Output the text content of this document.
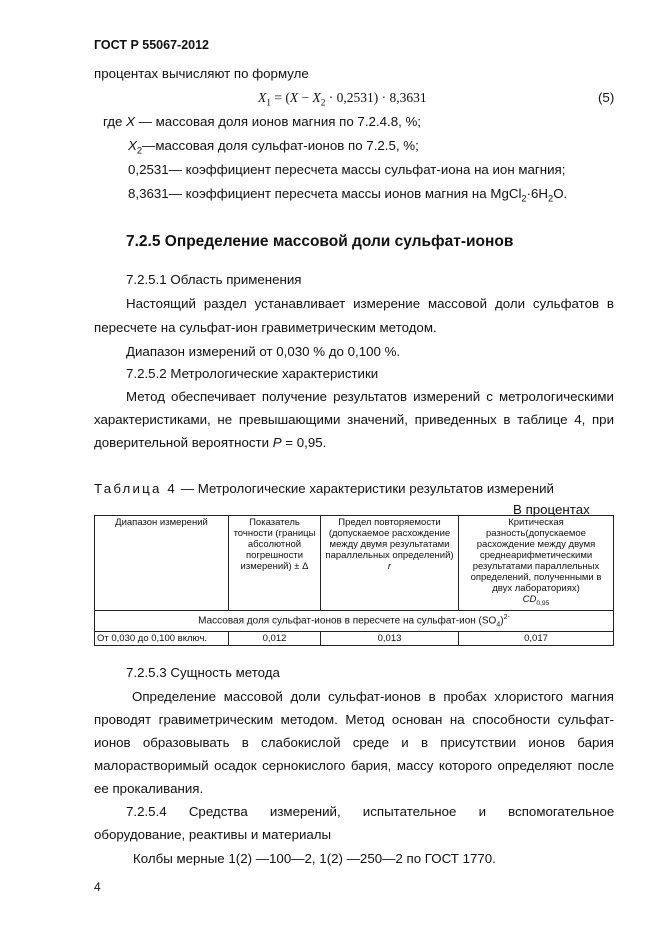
ГОСТ Р 55067-2012
процентах вычисляют по формуле
$X_1 = (X - X_2 \cdot 0,2531) \cdot 8,3631$	(5)
где X — массовая доля ионов магния по 7.2.4.8, %;
$X_2—массовая$ доля сульфат-ионов по 7.2.5, %;
0,2531— коэффициент пересчета массы сульфат-иона на ион магния;
8,3631— коэффициент пересчета массы ионов магния на $MgCl_2\cdot 6H_2O$.
7.2.5 Определение массовой доли сульфат-ионов
7.2.5.1 Область применения
Настоящий раздел устанавливает измерение массовой доли сульфатов в
пересчете на сульфат-ион гравиметрическим методом.
Диапазон измерений от 0,030 % до 0,100 %.
7.2.5.2 Метрологические характеристики
Метод обеспечивает получение результатов измерений с метрологическими
характеристиками, не превышающими значений, приведенных в таблице 4, при
доверительной вероятности P = 0,95.
Таблица 4 — Метрологические характеристики результатов измерений
В процентах
Диапазон измерений	Показатель точности (границы абсолютной погрешности измерений) ± Δ	Предел повторяемости (допускаемое расхождение между двумя результатами параллельных определений) r	Критическая разность(допускаемое расхождение между двумя среднеарифметическими результатами параллельных определений, полученными в двух лабораториях)
$CD_{0,95}$
Массовая доля сульфат-ионов в пересчете на сульфат-ион $(SO_4)^{2-}$
От 0,030 до 0,100 включ.	0,012	0,013	0,017
7.2.5.3 Сущность метода
Определение массовой доли сульфат-ионов в пробах хлористого магния
проводят гравиметрическим методом. Метод основан на способности сульфат-
ионов образовывать в слабокислой среде и в присутствии ионов бария
малорастворимый осадок сернокислого бария, массу которого определяют после
ее прокаливания.
7.2.5.4      Средства      измерений,      испытательное      и      вспомогательное
оборудование, реактивы и материалы
Колбы мерные 1(2) —100—2, 1(2) —250—2 по ГОСТ 1770.
4
